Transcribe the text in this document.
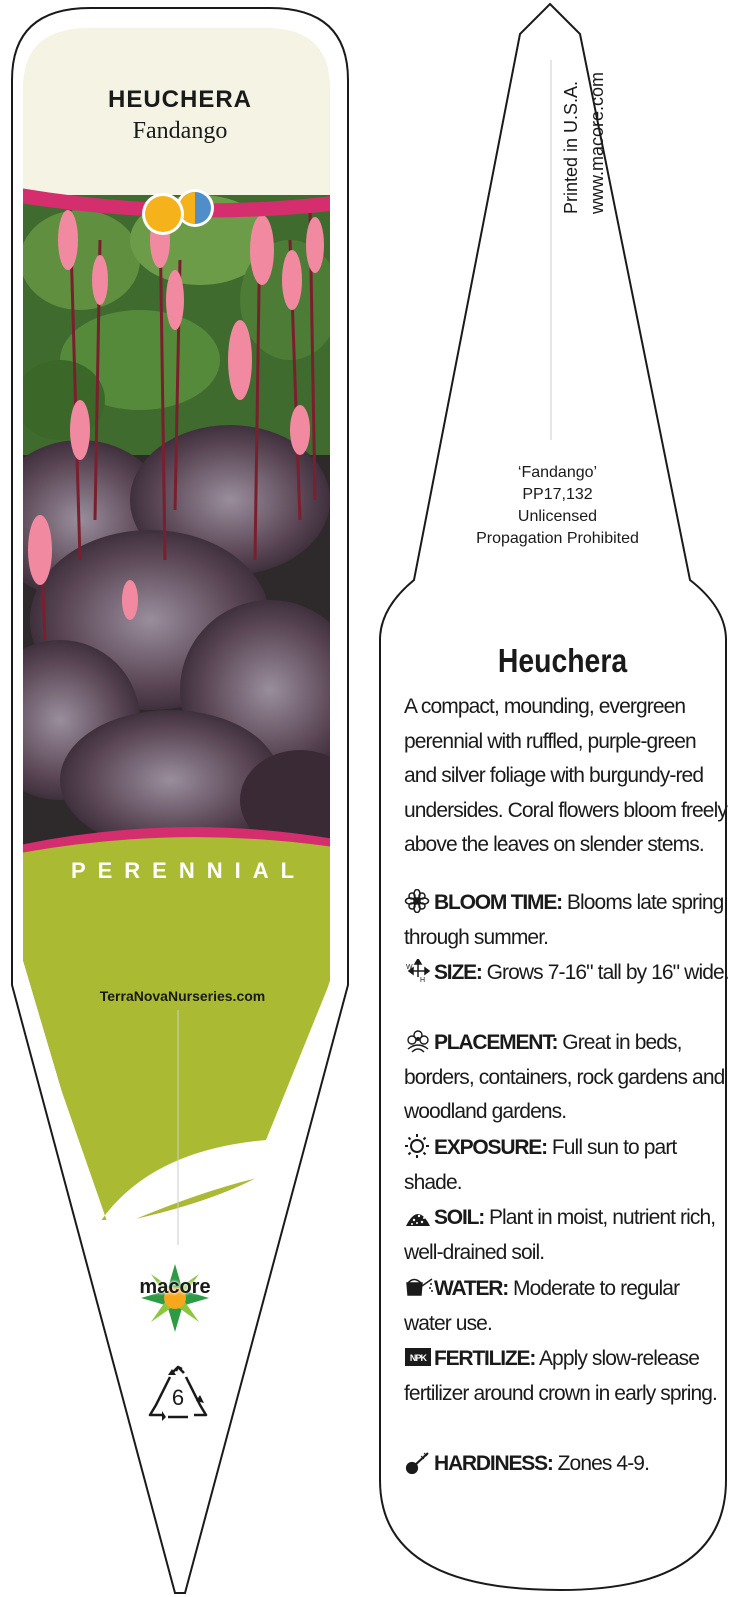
HEUCHERA
Fandango
PERENNIAL
TerraNovaNurseries.com
macore
6
Printed in U.S.A. www.macore.com
‘Fandango’
PP17,132
Unlicensed
Propagation Prohibited
Heuchera
A compact, mounding, evergreen perennial with ruffled, purple-green and silver foliage with burgundy-red undersides. Coral flowers bloom freely above the leaves on slender stems.
BLOOM TIME: Blooms late spring through summer.
W
H SIZE: Grows 7-16" tall by 16" wide.
PLACEMENT: Great in beds, borders, containers, rock gardens and woodland gardens.
EXPOSURE: Full sun to part shade.
SOIL: Plant in moist, nutrient rich, well-drained soil.
WATER: Moderate to regular water use.
NPK FERTILIZE: Apply slow-release fertilizer around crown in early spring.
HARDINESS: Zones 4-9.
